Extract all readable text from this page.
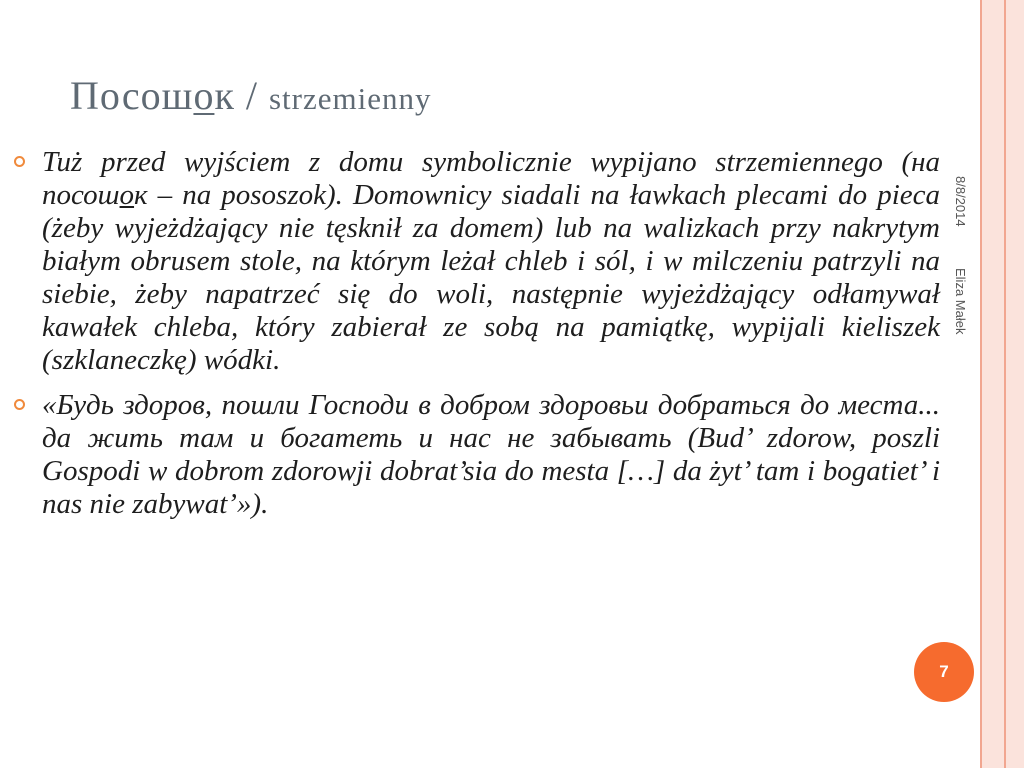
Посошок / strzemienny
Tuż przed wyjściem z domu symbolicznie wypijano strzemiennego (на посошок – na pososzok). Domownicy siadali na ławkach plecami do pieca (żeby wyjeżdżający nie tęsknił za domem) lub na walizkach przy nakrytym białym obrusem stole, na którym leżał chleb i sól, i w milczeniu patrzyli na siebie, żeby napatrzeć się do woli, następnie wyjeżdżający odłamywał kawałek chleba, który zabierał ze sobą na pamiątkę, wypijali kieliszek (szklaneczkę) wódki.
«Будь здоров, пошли Господи в добром здоровьи добраться до места... да жить там и богатеть и нас не забывать (Bud’ zdorow, poszli Gospodi w dobrom zdorowji dobrat’sia do mesta […] da żyt’ tam i bogatiet’ i nas nie zabywat’»).
8/8/2014
Eliza Małek
7
